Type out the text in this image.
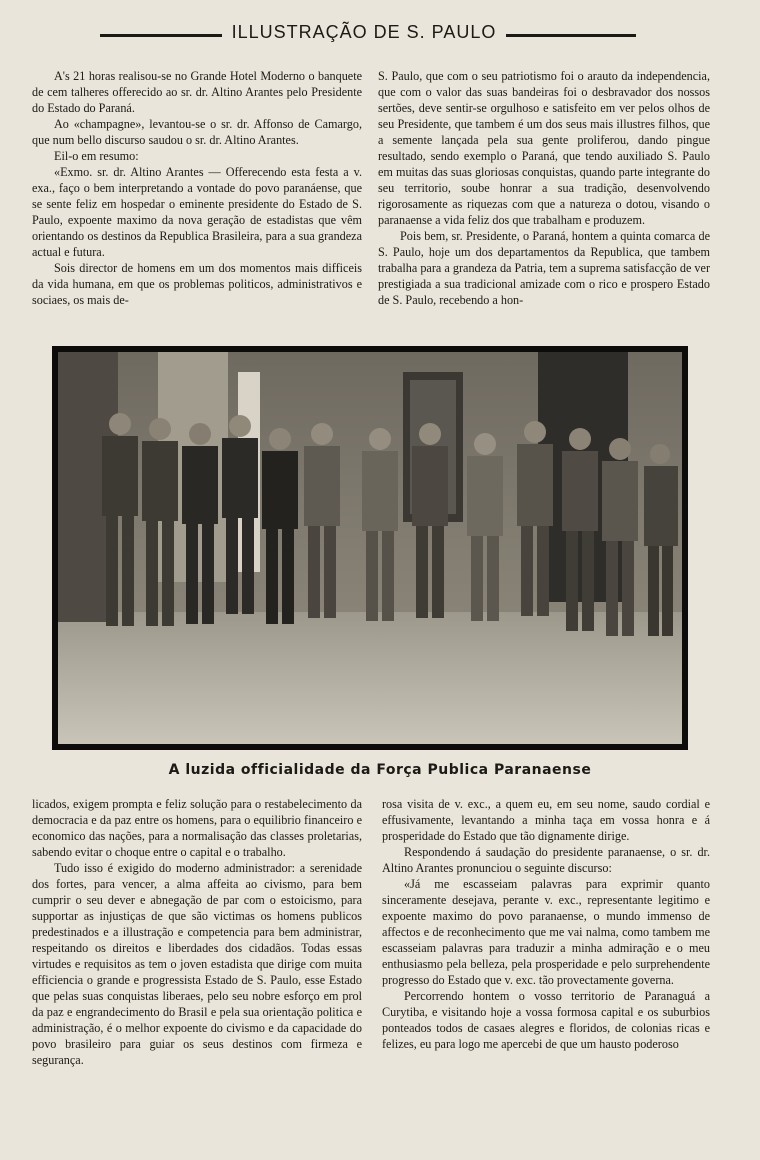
ILLUSTRAÇÃO DE S. PAULO

A's 21 horas realisou-se no Grande Hotel Moderno o banquete de cem talheres offerecido ao sr. dr. Altino Arantes pelo Presidente do Estado do Paraná.

Ao «champagne», levantou-se o sr. dr. Affonso de Camargo, que num bello discurso saudou o sr. dr. Altino Arantes.

Eil-o em resumo:

«Exmo. sr. dr. Altino Arantes — Offerecendo esta festa a v. exa., faço o bem interpretando a vontade do povo paranáense, que se sente feliz em hospedar o eminente presidente do Estado de S. Paulo, expoente maximo da nova geração de estadistas que vêm orientando os destinos da Republica Brasileira, para a sua grandeza actual e futura.

Sois director de homens em um dos momentos mais difficeis da vida humana, em que os problemas politicos, administrativos e sociaes, os mais de-

S. Paulo, que com o seu patriotismo foi o arauto da independencia, que com o valor das suas bandeiras foi o desbravador dos nossos sertões, deve sentir-se orgulhoso e satisfeito em ver pelos olhos de seu Presidente, que tambem é um dos seus mais illustres filhos, que a semente lançada pela sua gente proliferou, dando pingue resultado, sendo exemplo o Paraná, que tendo auxiliado S. Paulo em muitas das suas gloriosas conquistas, quando parte integrante do seu territorio, soube honrar a sua tradição, desenvolvendo rigorosamente as riquezas com que a natureza o dotou, visando o paranaense a vida feliz dos que trabalham e produzem.

Pois bem, sr. Presidente, o Paraná, hontem a quinta comarca de S. Paulo, hoje um dos departamentos da Republica, que tambem trabalha para a grandeza da Patria, tem a suprema satisfacção de ver prestigiada a sua tradicional amizade com o rico e prospero Estado de S. Paulo, recebendo a hon-

A luzida officialidade da Força Publica Paranaense

licados, exigem prompta e feliz solução para o restabelecimento da democracia e da paz entre os homens, para o equilibrio financeiro e economico das nações, para a normalisação das classes proletarias, sabendo evitar o choque entre o capital e o trabalho.

Tudo isso é exigido do moderno administrador: a serenidade dos fortes, para vencer, a alma affeita ao civismo, para bem cumprir o seu dever e abnegação de par com o estoicismo, para supportar as injustiças de que são victimas os homens publicos predestinados e a illustração e competencia para bem administrar, respeitando os direitos e liberdades dos cidadãos. Todas essas virtudes e requisitos as tem o joven estadista que dirige com muita efficiencia o grande e progressista Estado de S. Paulo, esse Estado que pelas suas conquistas liberaes, pelo seu nobre esforço em prol da paz e engrandecimento do Brasil e pela sua orientação politica e administração, é o melhor expoente do civismo e da capacidade do povo brasileiro para guiar os seus destinos com firmeza e segurança.

rosa visita de v. exc., a quem eu, em seu nome, saudo cordial e effusivamente, levantando a minha taça em vossa honra e á prosperidade do Estado que tão dignamente dirige.

Respondendo á saudação do presidente paranaense, o sr. dr. Altino Arantes pronunciou o seguinte discurso:

«Já me escasseiam palavras para exprimir quanto sinceramente desejava, perante v. exc., representante legitimo e expoente maximo do povo paranaense, o mundo immenso de affectos e de reconhecimento que me vai nalma, como tambem me escasseiam palavras para traduzir a minha admiração e o meu enthusiasmo pela belleza, pela prosperidade e pelo surprehendente progresso do Estado que v. exc. tão provectamente governa.

Percorrendo hontem o vosso territorio de Paranaguá a Curytiba, e visitando hoje a vossa formosa capital e os suburbios ponteados todos de casaes alegres e floridos, de colonias ricas e felizes, eu para logo me apercebi de que um hausto poderoso
